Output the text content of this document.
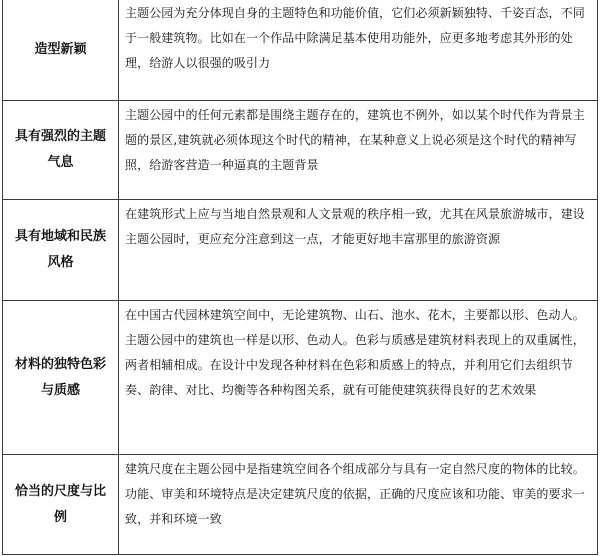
造型新颖	主题公园为充分体现自身的主题特色和功能价值，它们必须新颖独特、千姿百态，不同于一般建筑物。比如在一个作品中除满足基本使用功能外，应更多地考虑其外形的处理，给游人以很强的吸引力
具有强烈的主题气息	主题公园中的任何元素都是围绕主题存在的，建筑也不例外，如以某个时代作为背景主题的景区,建筑就必须体现这个时代的精神，在某种意义上说必须是这个时代的精神写照，给游客营造一种逼真的主题背景
具有地域和民族风格	在建筑形式上应与当地自然景观和人文景观的秩序相一致，尤其在风景旅游城市，建设主题公园时，更应充分注意到这一点，才能更好地丰富那里的旅游资源
材料的独特色彩与质感	在中国古代园林建筑空间中，无论建筑物、山石、池水、花木，主要都以形、色动人。主题公园中的建筑也一样是以形、色动人。色彩与质感是建筑材料表现上的双重属性，两者相辅相成。在设计中发现各种材料在色彩和质感上的特点，并利用它们去组织节奏、韵律、对比、均衡等各种构图关系，就有可能使建筑获得良好的艺术效果
恰当的尺度与比例	建筑尺度在主题公园中是指建筑空间各个组成部分与具有一定自然尺度的物体的比较。功能、审美和环境特点是决定建筑尺度的依据，正确的尺度应该和功能、审美的要求一致，并和环境一致
